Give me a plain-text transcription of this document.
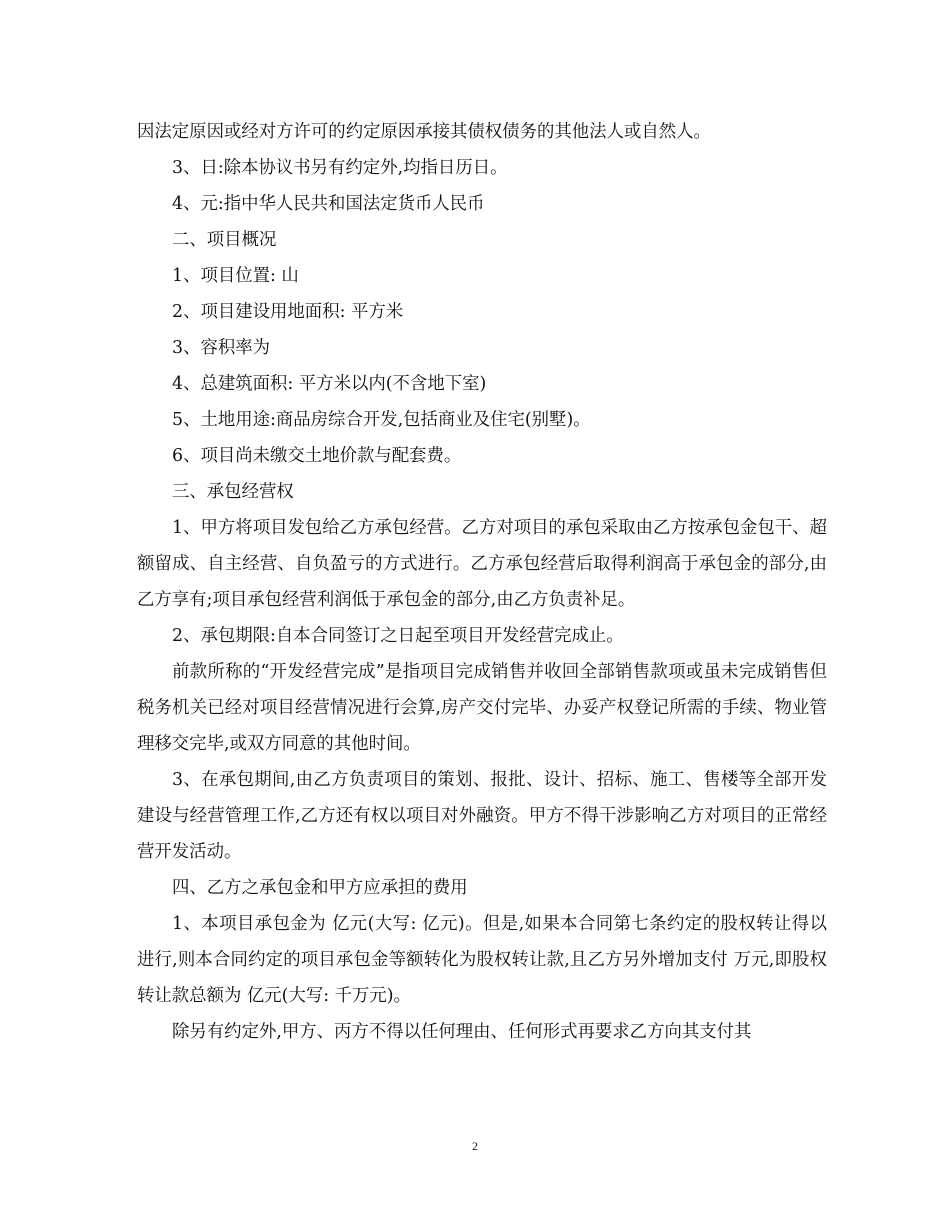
因法定原因或经对方许可的约定原因承接其债权债务的其他法人或自然人。

3、日:除本协议书另有约定外,均指日历日。

4、元:指中华人民共和国法定货币人民币

二、项目概况

1、项目位置: 山

2、项目建设用地面积: 平方米

3、容积率为

4、总建筑面积: 平方米以内(不含地下室)

5、土地用途:商品房综合开发,包括商业及住宅(别墅)。

6、项目尚未缴交土地价款与配套费。

三、承包经营权

1、甲方将项目发包给乙方承包经营。乙方对项目的承包采取由乙方按承包金包干、超额留成、自主经营、自负盈亏的方式进行。乙方承包经营后取得利润高于承包金的部分,由乙方享有;项目承包经营利润低于承包金的部分,由乙方负责补足。

2、承包期限:自本合同签订之日起至项目开发经营完成止。

前款所称的“开发经营完成”是指项目完成销售并收回全部销售款项或虽未完成销售但税务机关已经对项目经营情况进行会算,房产交付完毕、办妥产权登记所需的手续、物业管理移交完毕,或双方同意的其他时间。

3、在承包期间,由乙方负责项目的策划、报批、设计、招标、施工、售楼等全部开发建设与经营管理工作,乙方还有权以项目对外融资。甲方不得干涉影响乙方对项目的正常经营开发活动。

四、乙方之承包金和甲方应承担的费用

1、本项目承包金为 亿元(大写: 亿元)。但是,如果本合同第七条约定的股权转让得以进行,则本合同约定的项目承包金等额转化为股权转让款,且乙方另外增加支付 万元,即股权转让款总额为 亿元(大写: 千万元)。

除另有约定外,甲方、丙方不得以任何理由、任何形式再要求乙方向其支付其

2
